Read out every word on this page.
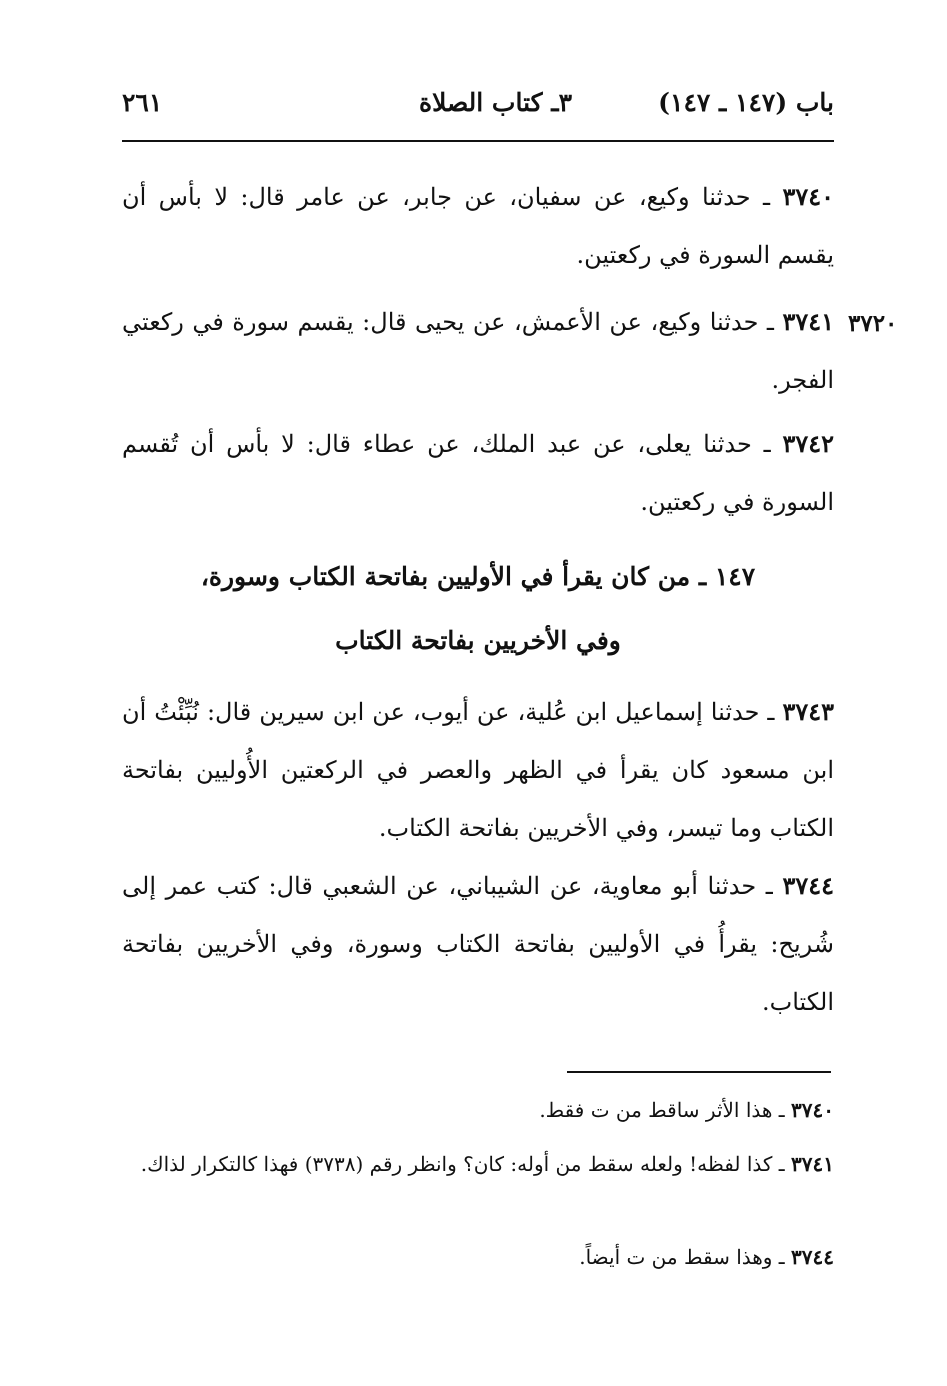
باب (١٤٧ ـ ١٤٧)
٣ـ كتاب الصلاة
٢٦١
٣٧٤٠ ـ حدثنا وكيع، عن سفيان، عن جابر، عن عامر قال: لا بأس أن يقسم السورة في ركعتين.
٣٧٢٠
٣٧٤١ ـ حدثنا وكيع، عن الأعمش، عن يحيى قال: يقسم سورة في ركعتي الفجر.
٣٧٤٢ ـ حدثنا يعلى، عن عبد الملك، عن عطاء قال: لا بأس أن تُقسم السورة في ركعتين.
١٤٧ ـ من كان يقرأ في الأوليين بفاتحة الكتاب وسورة،
وفي الأخريين بفاتحة الكتاب
٣٧٤٣ ـ حدثنا إسماعيل ابن عُلية، عن أيوب، عن ابن سيرين قال: نُبِّئْتُ أن ابن مسعود كان يقرأ في الظهر والعصر في الركعتين الأُوليين بفاتحة الكتاب وما تيسر، وفي الأخريين بفاتحة الكتاب.
٣٧٤٤ ـ حدثنا أبو معاوية، عن الشيباني، عن الشعبي قال: كتب عمر إلى شُريح: يقرأُ في الأوليين بفاتحة الكتاب وسورة، وفي الأخريين بفاتحة الكتاب.
٣٧٤٠ ـ هذا الأثر ساقط من ت فقط.
٣٧٤١ ـ كذا لفظه! ولعله سقط من أوله: كان؟ وانظر رقم (٣٧٣٨) فهذا كالتكرار لذاك.
٣٧٤٤ ـ وهذا سقط من ت أيضاً.
